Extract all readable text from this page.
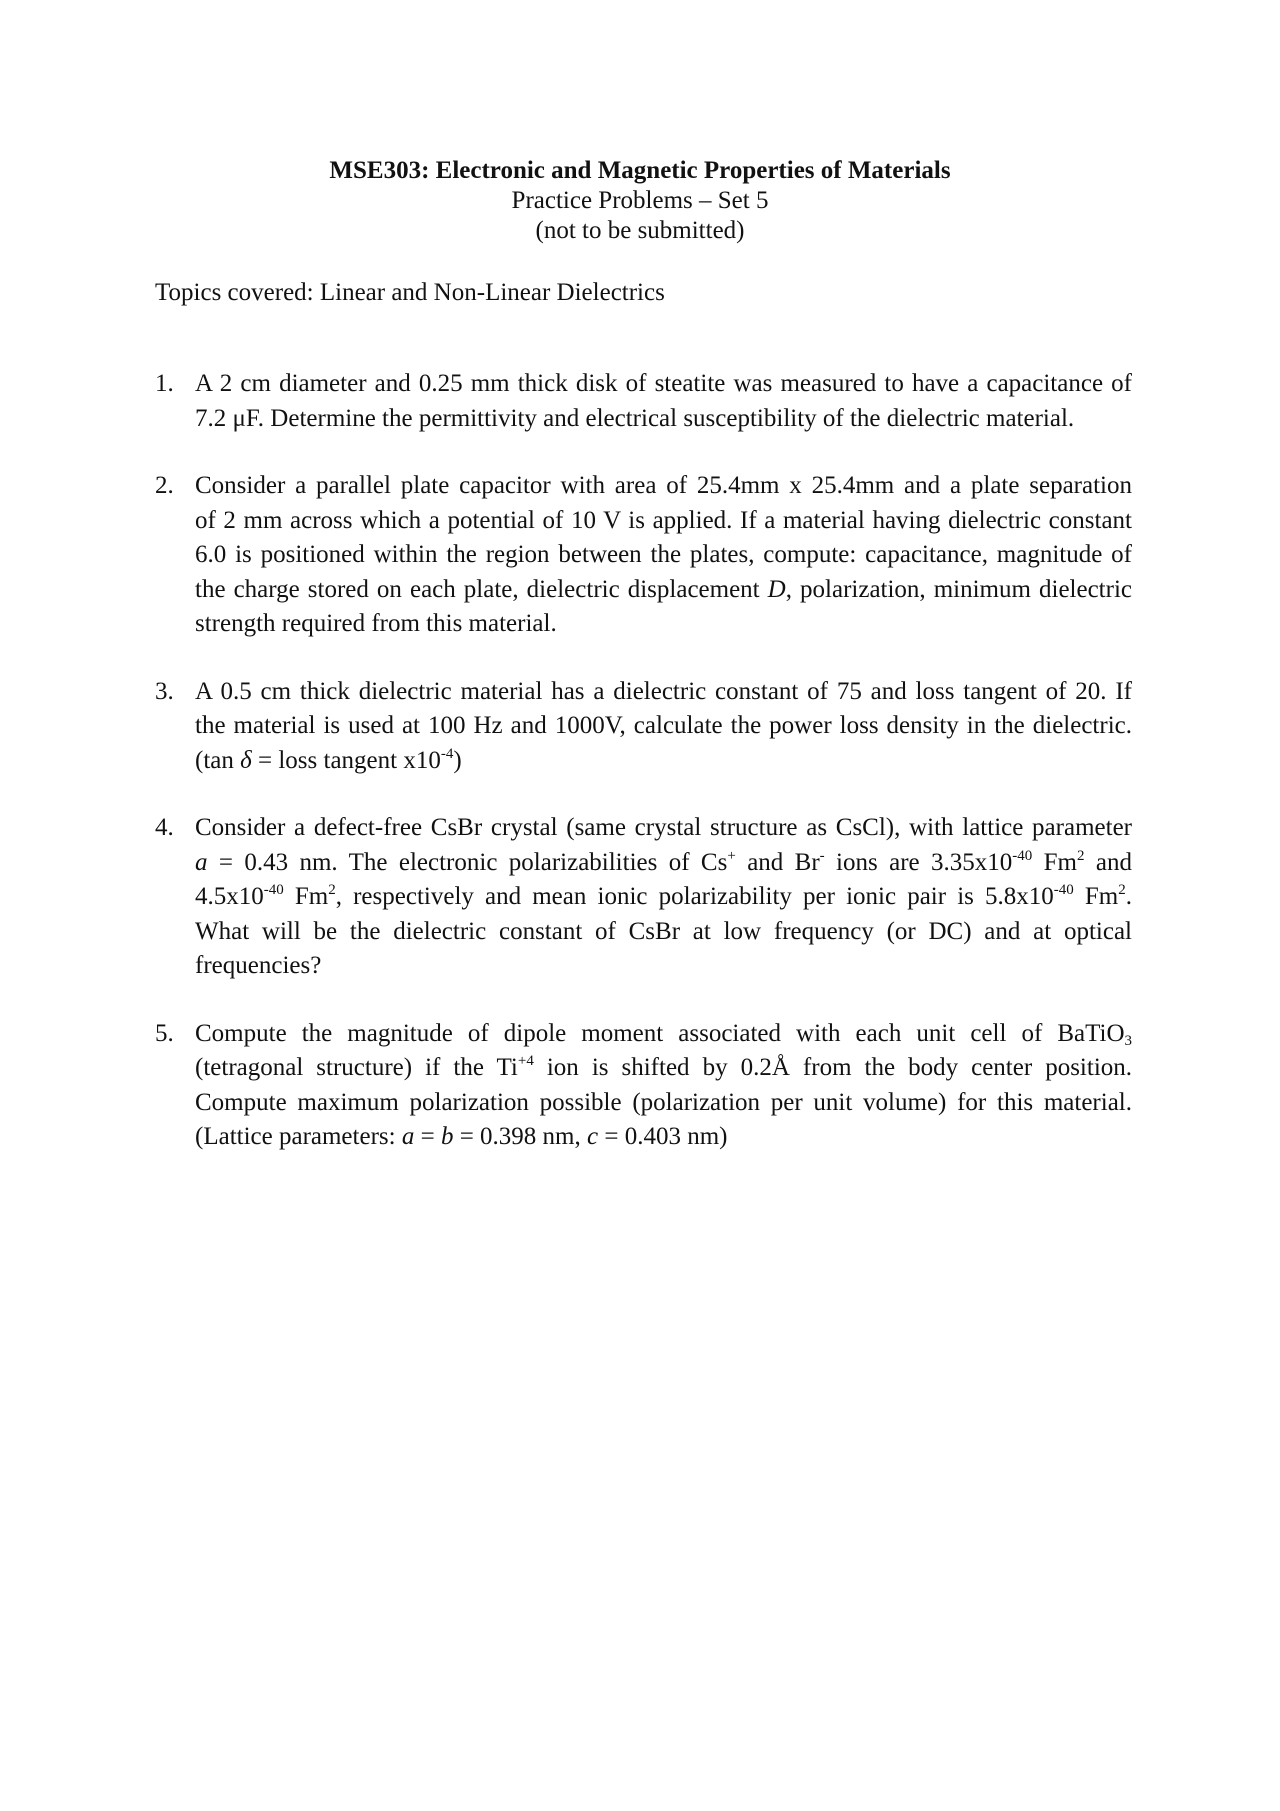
MSE303: Electronic and Magnetic Properties of Materials
Practice Problems – Set 5
(not to be submitted)
Topics covered: Linear and Non-Linear Dielectrics
1. A 2 cm diameter and 0.25 mm thick disk of steatite was measured to have a capacitance of
7.2 μF. Determine the permittivity and electrical susceptibility of the dielectric material.
2. Consider a parallel plate capacitor with area of 25.4mm x 25.4mm and a plate separation
of 2 mm across which a potential of 10 V is applied. If a material having dielectric constant
6.0 is positioned within the region between the plates, compute: capacitance, magnitude of
the charge stored on each plate, dielectric displacement D, polarization, minimum dielectric
strength required from this material.
3. A 0.5 cm thick dielectric material has a dielectric constant of 75 and loss tangent of 20. If
the material is used at 100 Hz and 1000V, calculate the power loss density in the dielectric.
(tan δ = loss tangent $x10^{-4}$)
4. Consider a defect-free CsBr crystal (same crystal structure as CsCl), with lattice parameter
a = 0.43 nm. The electronic polarizabilities of Cs+ and Br- ions are $3.35x10^{-40}$ Fm$^2$ and
$4.5x10^{-40}$ Fm$^2$, respectively and mean ionic polarizability per ionic pair is $5.8x10^{-40}$ Fm$^2$.
What will be the dielectric constant of CsBr at low frequency (or DC) and at optical
frequencies?
5. Compute the magnitude of dipole moment associated with each unit cell of BaTiO$_3$
(tetragonal structure) if the $Ti^{+4}$ ion is shifted by 0.2Å from the body center position.
Compute maximum polarization possible (polarization per unit volume) for this material.
(Lattice parameters: a = b = 0.398 nm, c = 0.403 nm)
